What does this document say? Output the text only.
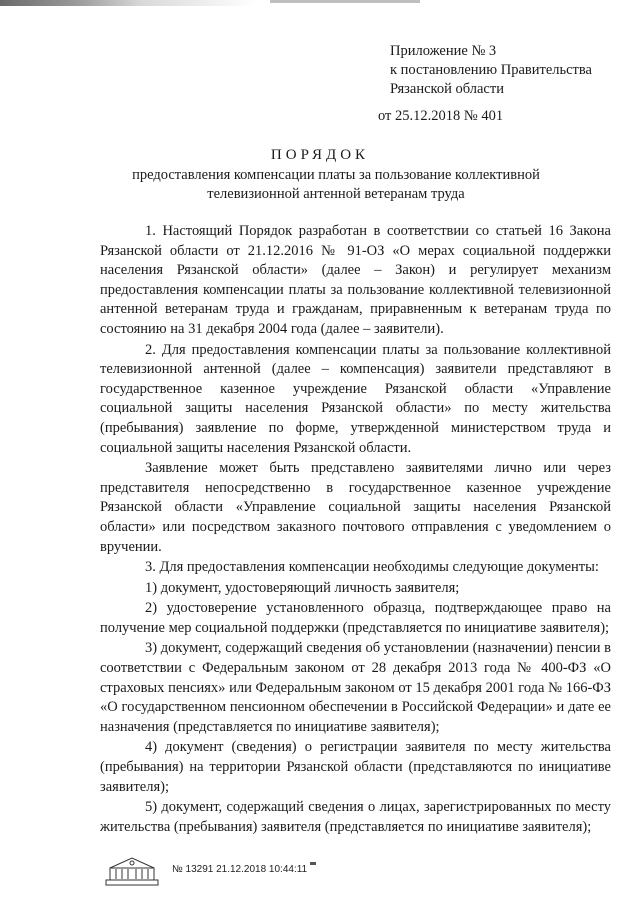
Приложение № 3
к постановлению Правительства
Рязанской области
от 25.12.2018 № 401
ПОРЯДОК
предоставления компенсации платы за пользование коллективной телевизионной антенной ветеранам труда

1. Настоящий Порядок разработан в соответствии со статьей 16 Закона Рязанской области от 21.12.2016 № 91-ОЗ «О мерах социальной поддержки населения Рязанской области» (далее – Закон) и регулирует механизм предоставления компенсации платы за пользование коллективной телевизионной антенной ветеранам труда и гражданам, приравненным к ветеранам труда по состоянию на 31 декабря 2004 года (далее – заявители).

2. Для предоставления компенсации платы за пользование коллективной телевизионной антенной (далее – компенсация) заявители представляют в государственное казенное учреждение Рязанской области «Управление социальной защиты населения Рязанской области» по месту жительства (пребывания) заявление по форме, утвержденной министерством труда и социальной защиты населения Рязанской области.

Заявление может быть представлено заявителями лично или через представителя непосредственно в государственное казенное учреждение Рязанской области «Управление социальной защиты населения Рязанской области» или посредством заказного почтового отправления с уведомлением о вручении.

3. Для предоставления компенсации необходимы следующие документы:

1) документ, удостоверяющий личность заявителя;

2) удостоверение установленного образца, подтверждающее право на получение мер социальной поддержки (представляется по инициативе заявителя);

3) документ, содержащий сведения об установлении (назначении) пенсии в соответствии с Федеральным законом от 28 декабря 2013 года № 400-ФЗ «О страховых пенсиях» или Федеральным законом от 15 декабря 2001 года № 166-ФЗ «О государственном пенсионном обеспечении в Российской Федерации» и дате ее назначения (представляется по инициативе заявителя);

4) документ (сведения) о регистрации заявителя по месту жительства (пребывания) на территории Рязанской области (представляются по инициативе заявителя);

5) документ, содержащий сведения о лицах, зарегистрированных по месту жительства (пребывания) заявителя (представляется по инициативе заявителя);

№ 13291 21.12.2018 10:44:11
